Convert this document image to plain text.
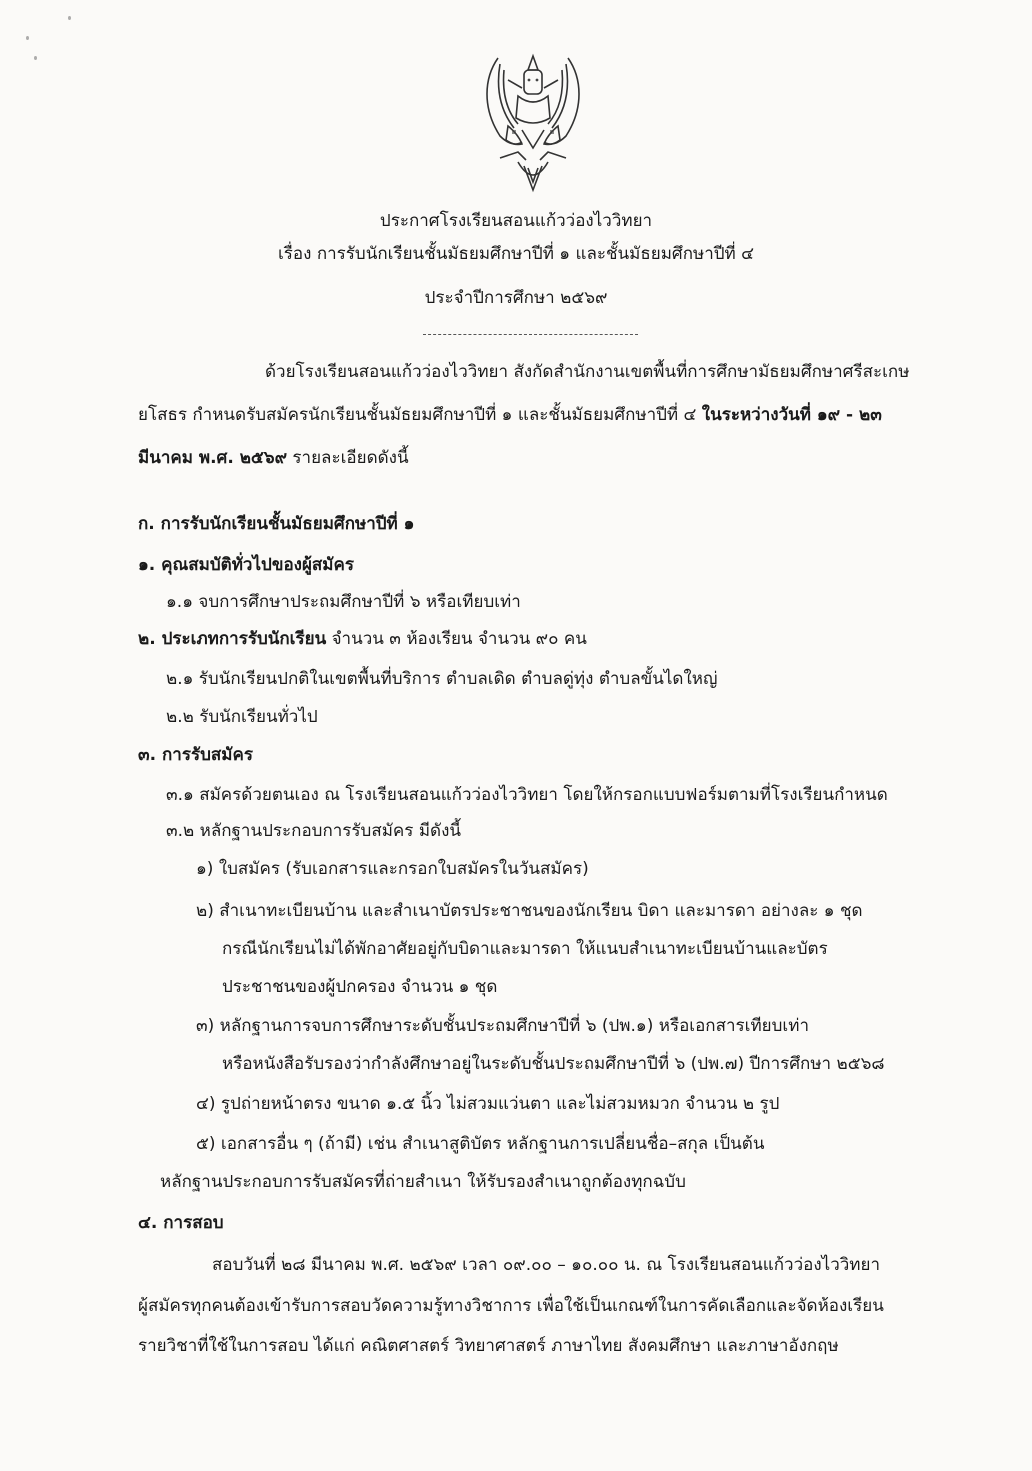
ประกาศโรงเรียนสอนแก้วว่องไววิทยา
เรื่อง การรับนักเรียนชั้นมัธยมศึกษาปีที่ ๑ และชั้นมัธยมศึกษาปีที่ ๔
ประจำปีการศึกษา ๒๕๖๙
ด้วยโรงเรียนสอนแก้วว่องไววิทยา สังกัดสำนักงานเขตพื้นที่การศึกษามัธยมศึกษาศรีสะเกษ
ยโสธร กำหนดรับสมัครนักเรียนชั้นมัธยมศึกษาปีที่ ๑ และชั้นมัธยมศึกษาปีที่ ๔ ในระหว่างวันที่ ๑๙ - ๒๓
มีนาคม พ.ศ. ๒๕๖๙ รายละเอียดดังนี้
ก. การรับนักเรียนชั้นมัธยมศึกษาปีที่ ๑
๑. คุณสมบัติทั่วไปของผู้สมัคร
๑.๑ จบการศึกษาประถมศึกษาปีที่ ๖ หรือเทียบเท่า
๒. ประเภทการรับนักเรียน จำนวน ๓ ห้องเรียน จำนวน ๙๐ คน
๒.๑ รับนักเรียนปกติในเขตพื้นที่บริการ ตำบลเดิด ตำบลดู่ทุ่ง ตำบลขั้นไดใหญ่
๒.๒ รับนักเรียนทั่วไป
๓. การรับสมัคร
๓.๑ สมัครด้วยตนเอง ณ โรงเรียนสอนแก้วว่องไววิทยา โดยให้กรอกแบบฟอร์มตามที่โรงเรียนกำหนด
๓.๒ หลักฐานประกอบการรับสมัคร มีดังนี้
๑) ใบสมัคร (รับเอกสารและกรอกใบสมัครในวันสมัคร)
๒) สำเนาทะเบียนบ้าน และสำเนาบัตรประชาชนของนักเรียน บิดา และมารดา อย่างละ ๑ ชุด
กรณีนักเรียนไม่ได้พักอาศัยอยู่กับบิดาและมารดา ให้แนบสำเนาทะเบียนบ้านและบัตร
ประชาชนของผู้ปกครอง จำนวน ๑ ชุด
๓) หลักฐานการจบการศึกษาระดับชั้นประถมศึกษาปีที่ ๖ (ปพ.๑) หรือเอกสารเทียบเท่า
หรือหนังสือรับรองว่ากำลังศึกษาอยู่ในระดับชั้นประถมศึกษาปีที่ ๖ (ปพ.๗) ปีการศึกษา ๒๕๖๘
๔) รูปถ่ายหน้าตรง ขนาด ๑.๕ นิ้ว ไม่สวมแว่นตา และไม่สวมหมวก จำนวน ๒ รูป
๕) เอกสารอื่น ๆ (ถ้ามี) เช่น สำเนาสูติบัตร หลักฐานการเปลี่ยนชื่อ–สกุล เป็นต้น
หลักฐานประกอบการรับสมัครที่ถ่ายสำเนา ให้รับรองสำเนาถูกต้องทุกฉบับ
๔. การสอบ
สอบวันที่ ๒๘ มีนาคม พ.ศ. ๒๕๖๙ เวลา ๐๙.๐๐ – ๑๐.๐๐ น. ณ โรงเรียนสอนแก้วว่องไววิทยา
ผู้สมัครทุกคนต้องเข้ารับการสอบวัดความรู้ทางวิชาการ เพื่อใช้เป็นเกณฑ์ในการคัดเลือกและจัดห้องเรียน
รายวิชาที่ใช้ในการสอบ ได้แก่ คณิตศาสตร์ วิทยาศาสตร์ ภาษาไทย สังคมศึกษา และภาษาอังกฤษ
